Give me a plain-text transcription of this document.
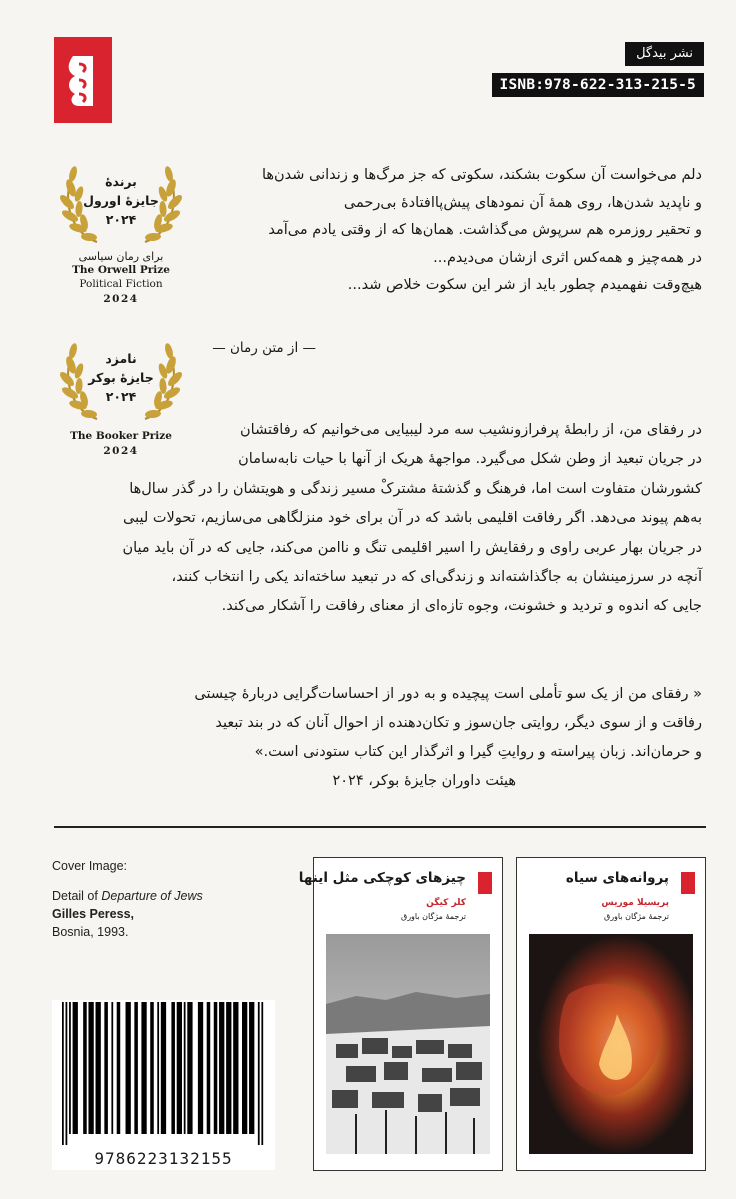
نشر بیدگل
ISNB:978-622-313-215-5
برندهٔ
جایزهٔ اورول
۲۰۲۴
برای رمان سیاسی
The Orwell Prize
Political Fiction
2024
نامزد
جایزهٔ بوکر
۲۰۲۴
The Booker Prize
2024

دلم می‌خواست آن سکوت بشکند، سکوتی که جز مرگ‌ها و زندانی شدن‌ها

و ناپدید شدن‌ها، روی همهٔ آن نمودهای پیش‌پاافتادهٔ بی‌رحمی

و تحقیر روزمره هم سرپوش می‌گذاشت. همان‌ها که از وقتی یادم می‌آمد

در همه‌چیز و همه‌کس اثری ازشان می‌دیدم...

هیچ‌وقت نفهمیدم چطور باید از شر این سکوت خلاص شد...

— از متن رمان —

در رفقای من، از رابطهٔ پرفرازونشیب سه مرد لیبیایی می‌خوانیم که رفاقتشان

در جریان تبعید از وطن شکل می‌گیرد. مواجههٔ هریک از آنها با حیات نابه‌سامان

کشورشان متفاوت است اما، فرهنگ و گذشتهٔ مشترکْ مسیر زندگی و هویتشان را در گذر سال‌ها

به‌هم پیوند می‌دهد. اگر رفاقت اقلیمی باشد که در آن برای خود منزلگاهی می‌سازیم، تحولات لیبی

در جریان بهار عربی راوی و رفقایش را اسیر اقلیمی تنگ و ناامن می‌کند، جایی که در آن باید میان

آنچه در سرزمینشان به جاگذاشته‌اند و زندگی‌ای که در تبعید ساخته‌اند یکی را انتخاب کنند،

جایی که اندوه و تردید و خشونت، وجوه تازه‌ای از معنای رفاقت را آشکار می‌کند.

« رفقای من از یک سو تأملی است پیچیده و به دور از احساسات‌گرایی دربارهٔ چیستی

رفاقت و از سوی دیگر، روایتی جان‌سوز و تکان‌دهنده از احوال آنان که در بند تبعید

و حرمان‌اند. زبان پیراسته و روایتِ گیرا و اثرگذار این کتاب ستودنی است.»

هیئت داوران جایزهٔ بوکر، ۲۰۲۴

Cover Image:
Detail of Departure of Jews
Gilles Peress,
Bosnia, 1993.
9786223132155
چیزهای کوچکی مثل اینها
کلر کیگن
ترجمهٔ مژگان باورق
پروانه‌های سیاه
پریسیلا موریس
ترجمهٔ مژگان باورق
